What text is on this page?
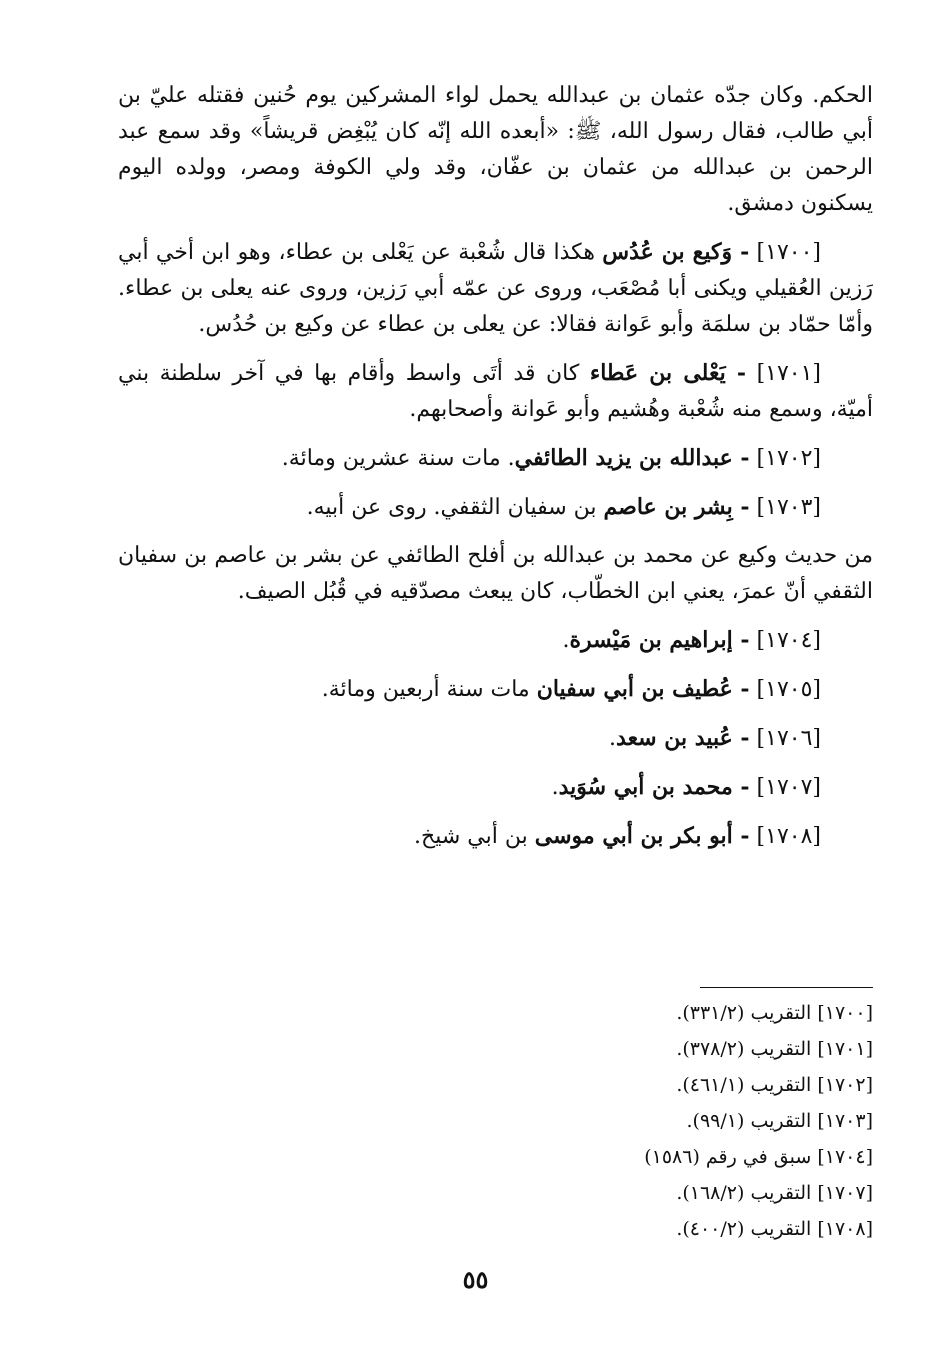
الحكم. وكان جدّه عثمان بن عبدالله يحمل لواء المشركين يوم حُنين فقتله عليّ بن أبي طالب، فقال رسول الله، ﷺ: «أبعده الله إنّه كان يُبْغِض قريشاً» وقد سمع عبد الرحمن بن عبدالله من عثمان بن عفّان، وقد ولي الكوفة ومصر، وولده اليوم يسكنون دمشق.

[١٧٠٠] - وَكيع بن عُدُس هكذا قال شُعْبة عن يَعْلى بن عطاء، وهو ابن أخي أبي رَزين العُقيلي ويكنى أبا مُصْعَب، وروى عن عمّه أبي رَزين، وروى عنه يعلى بن عطاء. وأمّا حمّاد بن سلمَة وأبو عَوانة فقالا: عن يعلى بن عطاء عن وكيع بن حُدُس.

[١٧٠١] - يَعْلى بن عَطاء كان قد أتَى واسط وأقام بها في آخر سلطنة بني أميّة، وسمع منه شُعْبة وهُشيم وأبو عَوانة وأصحابهم.

[١٧٠٢] - عبدالله بن يزيد الطائفي. مات سنة عشرين ومائة.

[١٧٠٣] - بِشر بن عاصم بن سفيان الثقفي. روى عن أبيه.

من حديث وكيع عن محمد بن عبدالله بن أفلح الطائفي عن بشر بن عاصم بن سفيان الثقفي أنّ عمرَ، يعني ابن الخطّاب، كان يبعث مصدّقيه في قُبُل الصيف.

[١٧٠٤] - إبراهيم بن مَيْسرة.

[١٧٠٥] - عُطيف بن أبي سفيان مات سنة أربعين ومائة.

[١٧٠٦] - عُبيد بن سعد.

[١٧٠٧] - محمد بن أبي سُوَيد.

[١٧٠٨] - أبو بكر بن أبي موسى بن أبي شيخ.

[١٧٠٠] التقريب (٣٣١/٢).

[١٧٠١] التقريب (٣٧٨/٢).

[١٧٠٢] التقريب (٤٦١/١).

[١٧٠٣] التقريب (٩٩/١).

[١٧٠٤] سبق في رقم (١٥٨٦)

[١٧٠٧] التقريب (١٦٨/٢).

[١٧٠٨] التقريب (٤٠٠/٢).

٥٥
